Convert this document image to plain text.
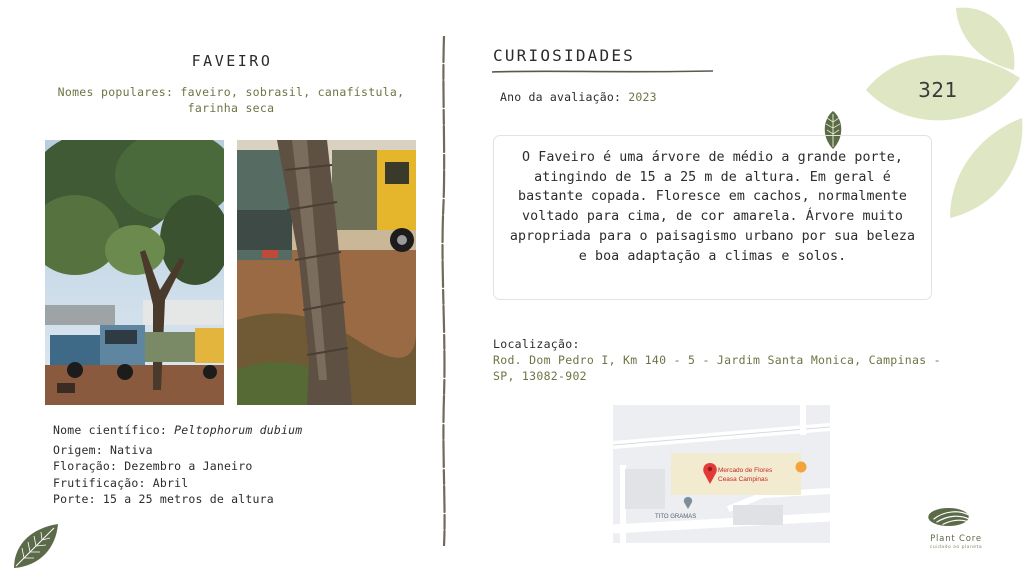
321
FAVEIRO
Nomes populares: faveiro, sobrasil, canafístula, farinha seca
Nome científico: Peltophorum dubium
Origem: Nativa
Floração: Dezembro a Janeiro
Frutificação: Abril
Porte: 15 a 25 metros de altura
CURIOSIDADES
Ano da avaliação: 2023
O Faveiro é uma árvore de médio a grande porte, atingindo de 15 a 25 m de altura. Em geral é bastante copada. Floresce em cachos, normalmente voltado para cima, de cor amarela. Árvore muito apropriada para o paisagismo urbano por sua beleza e boa adaptação a climas e solos.
Localização:
Rod. Dom Pedro I, Km 140 - 5 - Jardim Santa Monica, Campinas - SP, 13082-902
Mercado de Flores
Ceasa Campinas
TITO GRAMAS
Plant Core
cuidado ao planeta
